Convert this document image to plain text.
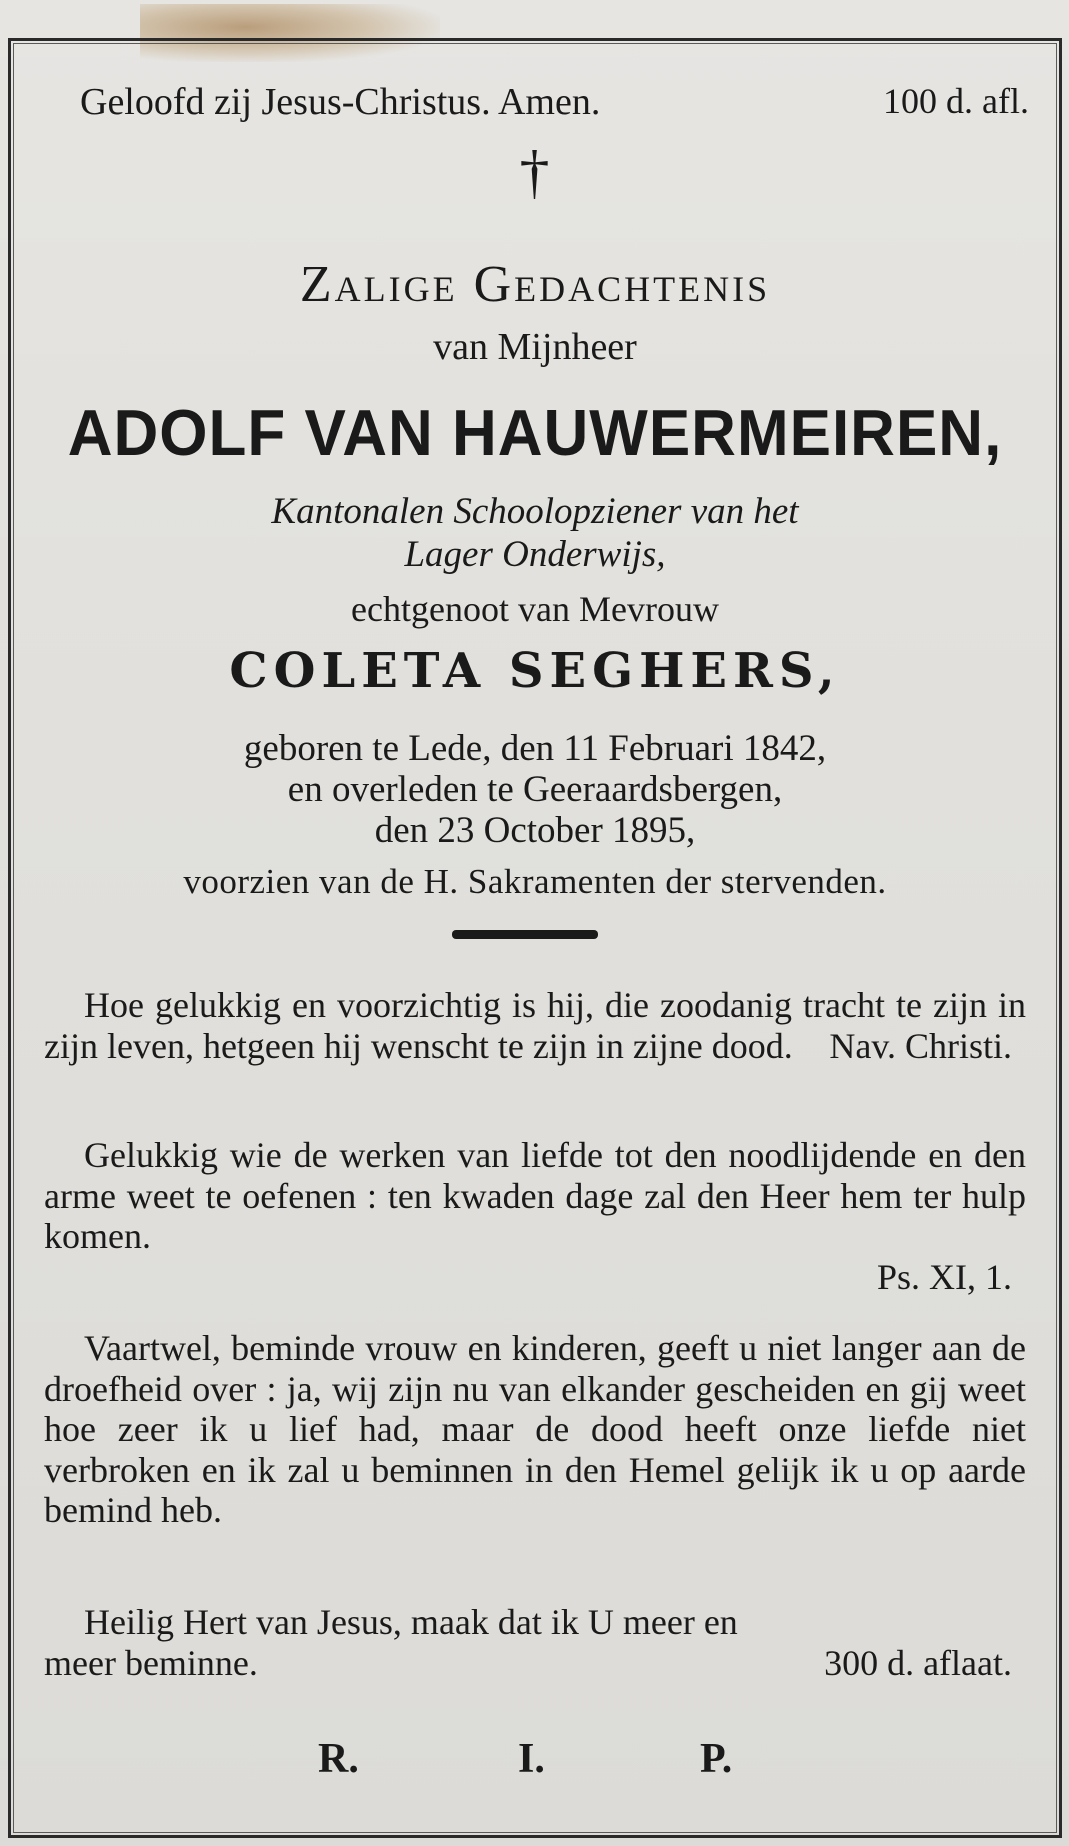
Geloofd zij Jesus-Christus. Amen.	100 d. afl.
†
Zalige Gedachtenis
van Mijnheer
ADOLF VAN HAUWERMEIREN,
Kantonalen Schoolopziener van het
Lager Onderwijs,
echtgenoot van Mevrouw
COLETA SEGHERS,
geboren te Lede, den 11 Februari 1842,
en overleden te Geeraardsbergen,
den 23 October 1895,
voorzien van de H. Sakramenten der stervenden.
Hoe gelukkig en voorzichtig is hij, die zoodanig tracht te zijn in zijn leven, hetgeen hij wenscht te zijn in zijne dood.	Nav. Christi.
Gelukkig wie de werken van liefde tot den noodlijdende en den arme weet te oefenen : ten kwaden dage zal den Heer hem ter hulp komen.
Ps. XI, 1.
Vaartwel, beminde vrouw en kinderen, geeft u niet langer aan de droefheid over : ja, wij zijn nu van elkander gescheiden en gij weet hoe zeer ik u lief had, maar de dood heeft onze liefde niet verbroken en ik zal u beminnen in den Hemel gelijk ik u op aarde bemind heb.
Heilig Hert van Jesus, maak dat ik U meer en
meer beminne.	300 d. aflaat.
R.	I.	P.
